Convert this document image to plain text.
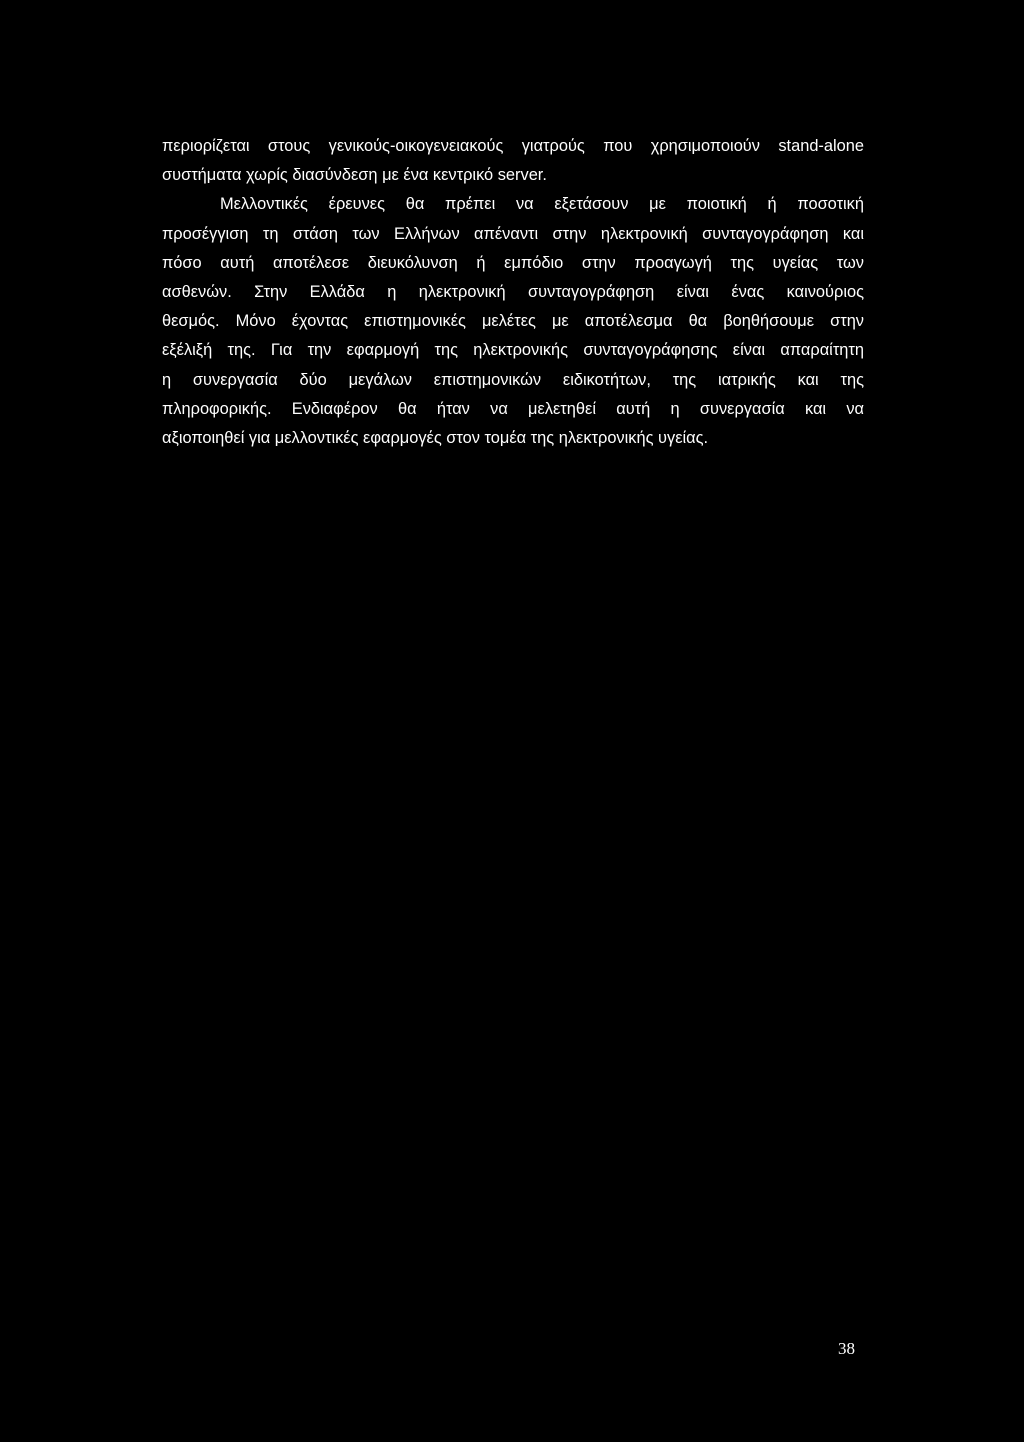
περιορίζεται στους γενικούς-οικογενειακούς γιατρούς που χρησιμοποιούν stand-alone
συστήματα χωρίς διασύνδεση με ένα κεντρικό server.
Μελλοντικές έρευνες θα πρέπει να εξετάσουν με ποιοτική ή ποσοτική
προσέγγιση τη στάση των Ελλήνων απέναντι στην ηλεκτρονική συνταγογράφηση και
πόσο αυτή αποτέλεσε διευκόλυνση ή εμπόδιο στην προαγωγή της υγείας των
ασθενών. Στην Ελλάδα η ηλεκτρονική συνταγογράφηση είναι ένας καινούριος
θεσμός. Μόνο έχοντας επιστημονικές μελέτες με αποτέλεσμα θα βοηθήσουμε στην
εξέλιξή της. Για την εφαρμογή της ηλεκτρονικής συνταγογράφησης είναι απαραίτητη
η συνεργασία δύο μεγάλων επιστημονικών ειδικοτήτων, της ιατρικής και της
πληροφορικής. Ενδιαφέρον θα ήταν να μελετηθεί αυτή η συνεργασία και να
αξιοποιηθεί για μελλοντικές εφαρμογές στον τομέα της ηλεκτρονικής υγείας.
38
